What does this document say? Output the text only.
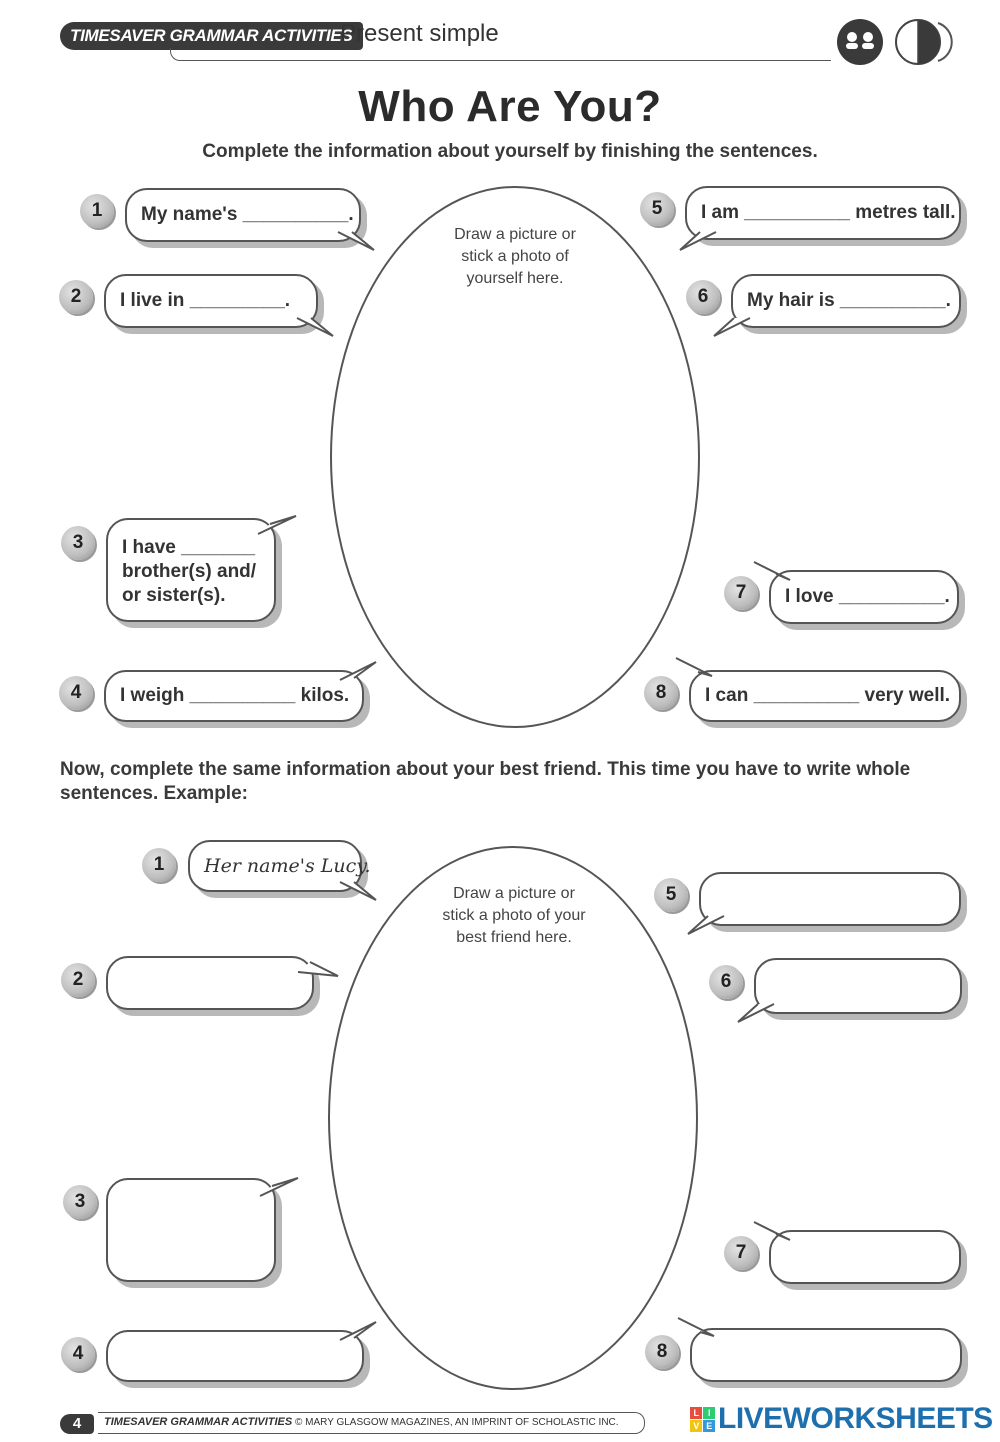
TIMESAVER GRAMMAR ACTIVITIES
Present simple
Who Are You?
Complete the information about yourself by finishing the sentences.
Draw a picture or
stick a photo of
yourself here.
1	My name's __________.
2	I live in _________.
3	I have _______
brother(s) and/
or sister(s).
4	I weigh __________ kilos.
5	I am __________ metres tall.
6	My hair is __________.
7	I love __________.
8	I can __________ very well.
Now, complete the same information about your best friend. This time you have to write whole sentences. Example:
Draw a picture or
stick a photo of your
best friend here.
1	Her name's Lucy.
2
3
4
5
6
7
8
4	TIMESAVER GRAMMAR ACTIVITIES © MARY GLASGOW MAGAZINES, AN IMPRINT OF SCHOLASTIC INC.
L	I
V E LIVEWORKSHEETS
